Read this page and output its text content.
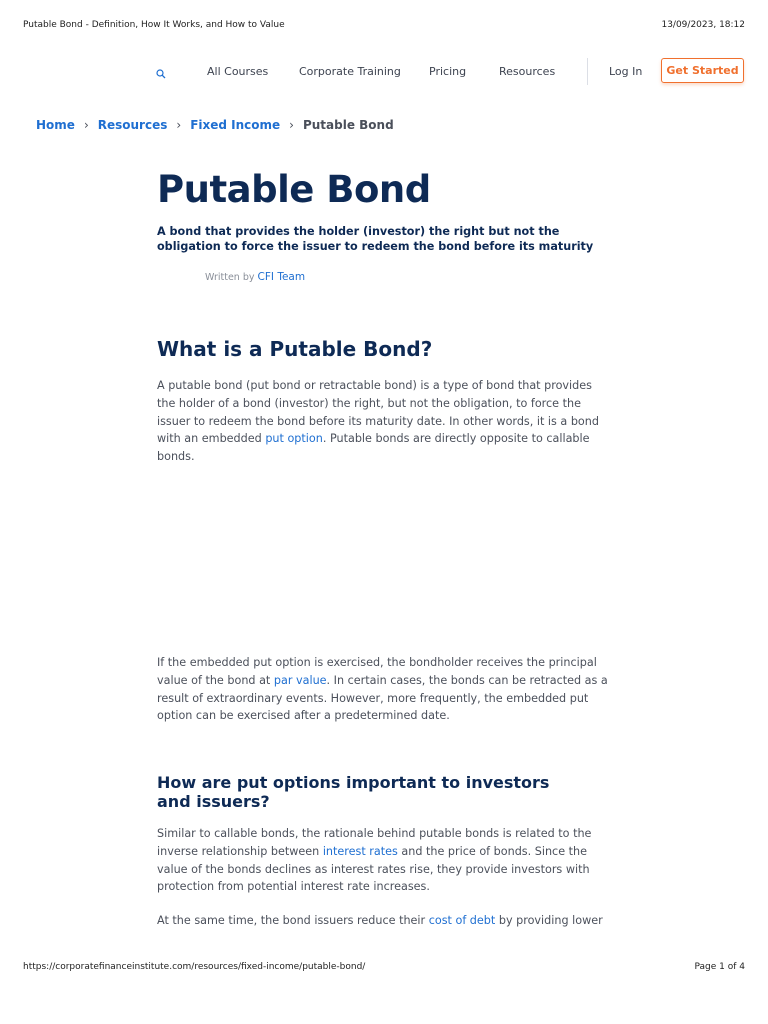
Putable Bond - Definition, How It Works, and How to Value	13/09/2023, 18:12
All Courses	Corporate Training	Pricing	Resources	Log In	Get Started
Home › Resources › Fixed Income › Putable Bond
Putable Bond

A bond that provides the holder (investor) the right but not the obligation to force the issuer to redeem the bond before its maturity

Written by CFI Team
What is a Putable Bond?

A putable bond (put bond or retractable bond) is a type of bond that provides the holder of a bond (investor) the right, but not the obligation, to force the issuer to redeem the bond before its maturity date. In other words, it is a bond with an embedded put option. Putable bonds are directly opposite to callable bonds.

If the embedded put option is exercised, the bondholder receives the principal value of the bond at par value. In certain cases, the bonds can be retracted as a result of extraordinary events. However, more frequently, the embedded put option can be exercised after a predetermined date.

How are put options important to investors and issuers?

Similar to callable bonds, the rationale behind putable bonds is related to the inverse relationship between interest rates and the price of bonds. Since the value of the bonds declines as interest rates rise, they provide investors with protection from potential interest rate increases.

At the same time, the bond issuers reduce their cost of debt by providing lower

https://corporatefinanceinstitute.com/resources/fixed-income/putable-bond/	Page 1 of 4
